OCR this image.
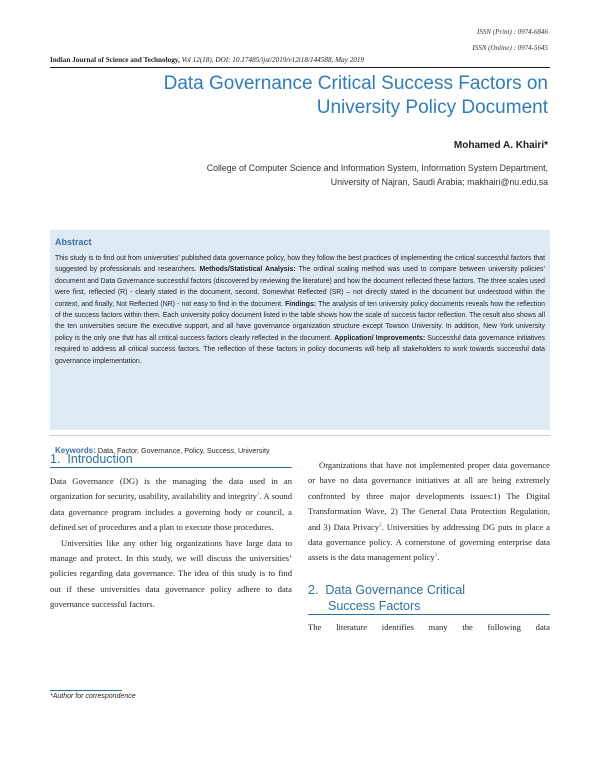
ISSN (Print) : 0974-6846
ISSN (Online) : 0974-5645
Indian Journal of Science and Technology, Vol 12(18), DOI: 10.17485/ijst/2019/v12i18/144588, May 2019
Data Governance Critical Success Factors on
University Policy Document
Mohamed A. Khairi*
College of Computer Science and Information System, Information System Department,
University of Najran, Saudi Arabia; makhairi@nu.edu.sa
Abstract
This study is to find out from universities’ published data governance policy, how they follow the best practices of implementing the critical successful factors that suggested by professionals and researchers. Methods/Statistical Analysis: The ordinal scaling method was used to compare between university policies’ document and Data Governance successful factors (discovered by reviewing the literature) and how the document reflected these factors. The three scales used were first, reflected (R) - clearly stated in the document, second, Somewhat Reflected (SR) – not directly stated in the document but understood within the context, and finally, Not Reflected (NR) - not easy to find in the document. Findings: The analysis of ten university policy documents reveals how the reflection of the success factors within them. Each university policy document listed in the table shows how the scale of success factor reflection. The result also shows all the ten universities secure the executive support, and all have governance organization structure except Towson University. In addition, New York university policy is the only one that has all critical success factors clearly reflected in the document. Application/ Improvements: Successful data governance initiatives required to address all critical success factors. The reflection of these factors in policy documents will help all stakeholders to work towards successful data governance implementation.
Keywords: Data, Factor, Governance, Policy, Success, University
1. Introduction

Data Governance (DG) is the managing the data used in an organization for security, usability, availability and integrity$^1$. A sound data governance program includes a governing body or council, a defined set of procedures and a plan to execute those procedures.

Universities like any other big organizations have large data to manage and protect. In this study, we will discuss the universities’ policies regarding data governance. The idea of this study is to find out if these universities data governance policy adhere to data governance successful factors.

Organizations that have not implemented proper data governance or have no data governance initiatives at all are being extremely confronted by three major developments issues:1) The Digital Transformation Wave, 2) The General Data Protection Regulation, and 3) Data Privacy$^2$. Universities by addressing DG puts in place a data governance policy. A cornerstone of governing enterprise data assets is the data management policy$^3$.

2. Data Governance Critical
Success Factors

The literature identifies many the following data

*Author for correspondence
